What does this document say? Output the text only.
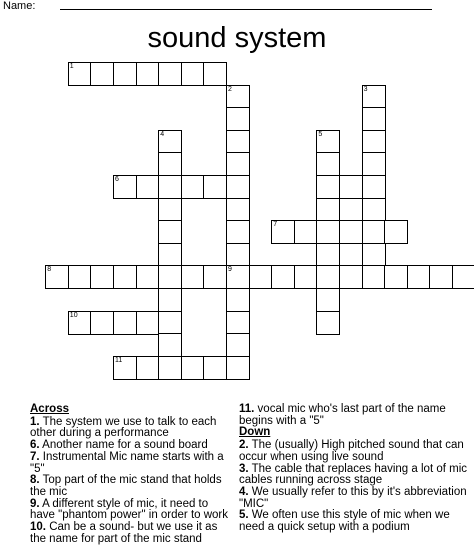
Name:
sound system
1
2	3
4	5
6
7
8	9
10
11
Across
1. The system we use to talk to each other during a performance
6. Another name for a sound board
7. Instrumental Mic name starts with a "5"
8. Top part of the mic stand that holds the mic
9. A different style of mic, it need to have "phantom power" in order to work
10. Can be a sound- but we use it as the name for part of the mic stand
11. vocal mic who's last part of the name begins with a "5"
Down
2. The (usually) High pitched sound that can occur when using live sound
3. The cable that replaces having a lot of mic cables running across stage
4. We usually refer to this by it's abbreviation "MIC"
5. We often use this style of mic when we need a quick setup with a podium
